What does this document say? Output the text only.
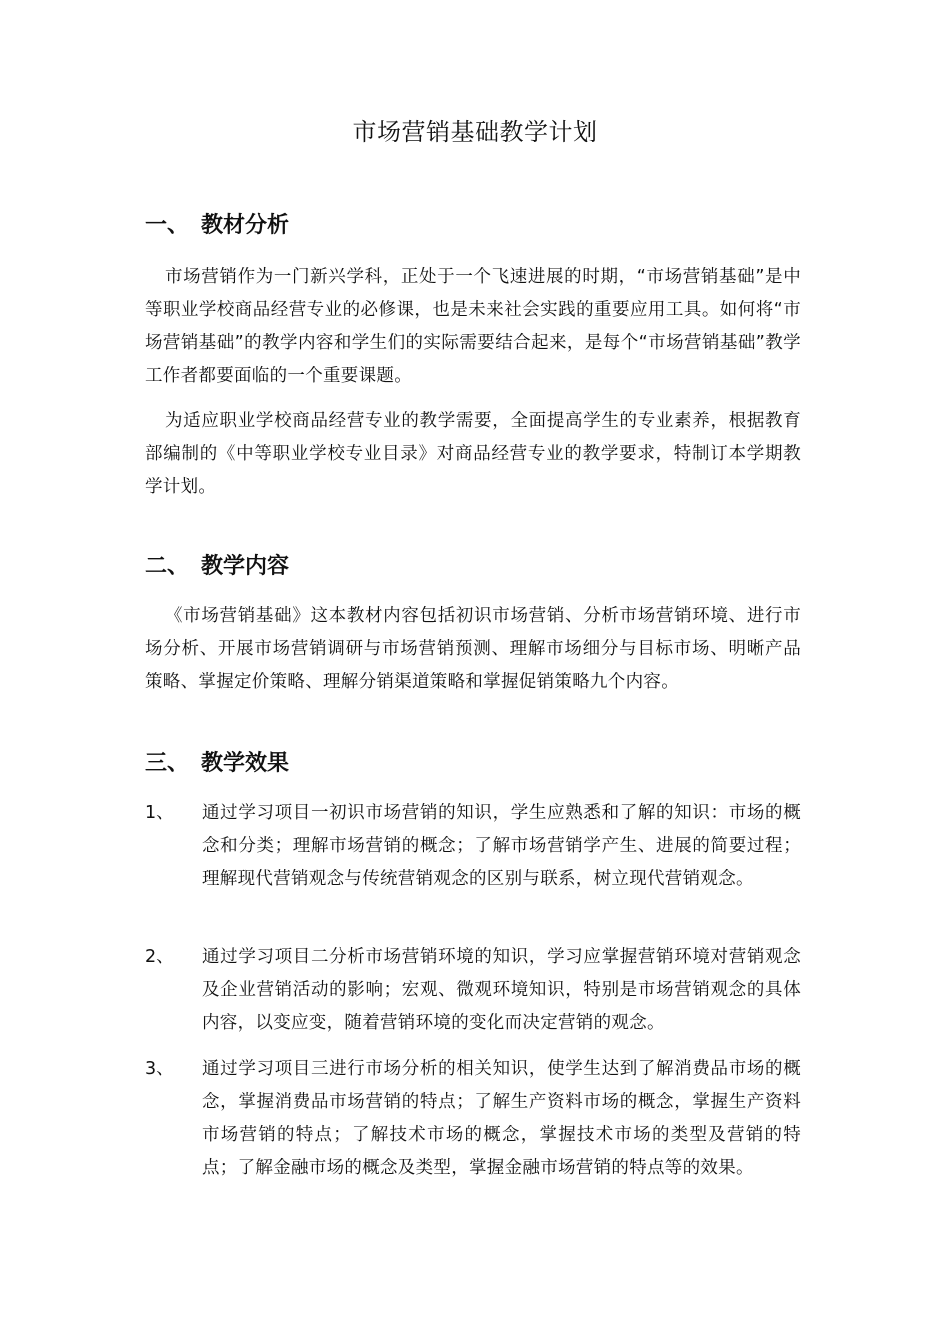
市场营销基础教学计划
一、 教材分析

市场营销作为一门新兴学科，正处于一个飞速进展的时期，“市场营销基础”是中等职业学校商品经营专业的必修课，也是未来社会实践的重要应用工具。如何将“市场营销基础”的教学内容和学生们的实际需要结合起来，是每个“市场营销基础”教学工作者都要面临的一个重要课题。

为适应职业学校商品经营专业的教学需要，全面提高学生的专业素养，根据教育部编制的《中等职业学校专业目录》对商品经营专业的教学要求，特制订本学期教学计划。

二、 教学内容

《市场营销基础》这本教材内容包括初识市场营销、分析市场营销环境、进行市场分析、开展市场营销调研与市场营销预测、理解市场细分与目标市场、明晰产品策略、掌握定价策略、理解分销渠道策略和掌握促销策略九个内容。

三、 教学效果
1、 通过学习项目一初识市场营销的知识，学生应熟悉和了解的知识：市场的概念和分类；理解市场营销的概念；了解市场营销学产生、进展的简要过程；理解现代营销观念与传统营销观念的区别与联系，树立现代营销观念。
2、 通过学习项目二分析市场营销环境的知识，学习应掌握营销环境对营销观念及企业营销活动的影响；宏观、微观环境知识，特别是市场营销观念的具体内容，以变应变，随着营销环境的变化而决定营销的观念。
3、 通过学习项目三进行市场分析的相关知识，使学生达到了解消费品市场的概念，掌握消费品市场营销的特点；了解生产资料市场的概念，掌握生产资料市场营销的特点；了解技术市场的概念，掌握技术市场的类型及营销的特点；了解金融市场的概念及类型，掌握金融市场营销的特点等的效果。
